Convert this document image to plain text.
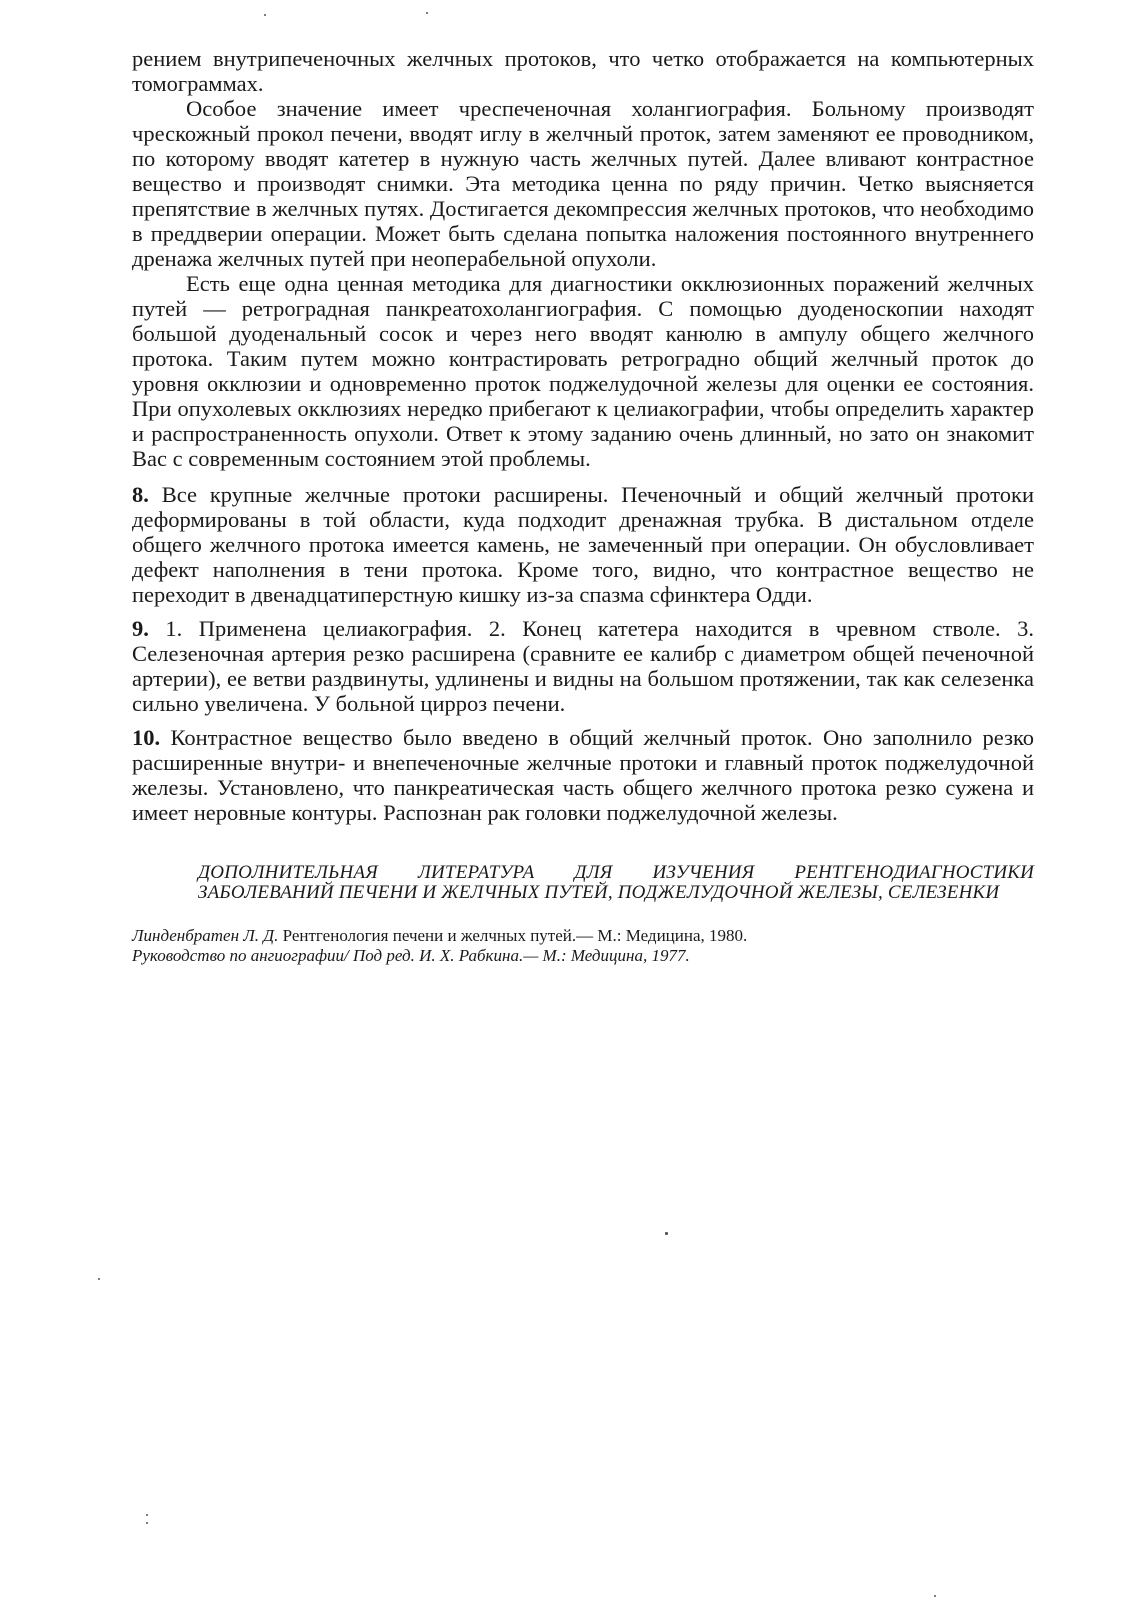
рением внутрипеченочных желчных протоков, что четко отображается на компьютерных томограммах.

Особое значение имеет чреспеченочная холангиография. Больному производят чрескожный прокол печени, вводят иглу в желчный проток, затем заменяют ее проводником, по которому вводят катетер в нужную часть желчных путей. Далее вливают контрастное вещество и производят снимки. Эта методика ценна по ряду причин. Четко выясняется препятствие в желчных путях. Достигается декомпрессия желчных протоков, что необходимо в преддверии операции. Может быть сделана попытка наложения постоянного внутреннего дренажа желчных путей при неоперабельной опухоли.

Есть еще одна ценная методика для диагностики окклюзионных поражений желчных путей — ретроградная панкреатохолангиография. С помощью дуоденоскопии находят большой дуоденальный сосок и через него вводят канюлю в ампулу общего желчного протока. Таким путем можно контрастировать ретроградно общий желчный проток до уровня окклюзии и одновременно проток поджелудочной железы для оценки ее состояния. При опухолевых окклюзиях нередко прибегают к целиакографии, чтобы определить характер и распространенность опухоли. Ответ к этому заданию очень длинный, но зато он знакомит Вас с современным состоянием этой проблемы.

8. Все крупные желчные протоки расширены. Печеночный и общий желчный протоки деформированы в той области, куда подходит дренажная трубка. В дистальном отделе общего желчного протока имеется камень, не замеченный при операции. Он обусловливает дефект наполнения в тени протока. Кроме того, видно, что контрастное вещество не переходит в двенадцатиперстную кишку из-за спазма сфинктера Одди.

9. 1. Применена целиакография. 2. Конец катетера находится в чревном стволе. 3. Селезеночная артерия резко расширена (сравните ее калибр с диаметром общей печеночной артерии), ее ветви раздвинуты, удлинены и видны на большом протяжении, так как селезенка сильно увеличена. У больной цирроз печени.

10. Контрастное вещество было введено в общий желчный проток. Оно заполнило резко расширенные внутри- и внепеченочные желчные протоки и главный проток поджелудочной железы. Установлено, что панкреатическая часть общего желчного протока резко сужена и имеет неровные контуры. Распознан рак головки поджелудочной железы.

ДОПОЛНИТЕЛЬНАЯ ЛИТЕРАТУРА ДЛЯ ИЗУЧЕНИЯ РЕНТГЕНОДИАГНОСТИКИ ЗАБОЛЕВАНИЙ ПЕЧЕНИ И ЖЕЛЧНЫХ ПУТЕЙ, ПОДЖЕЛУДОЧНОЙ ЖЕЛЕЗЫ, СЕЛЕЗЕНКИ

Линденбратен Л. Д. Рентгенология печени и желчных путей.— М.: Медицина, 1980.

Руководство по ангиографии/ Под ред. И. Х. Рабкина.— М.: Медицина, 1977.
